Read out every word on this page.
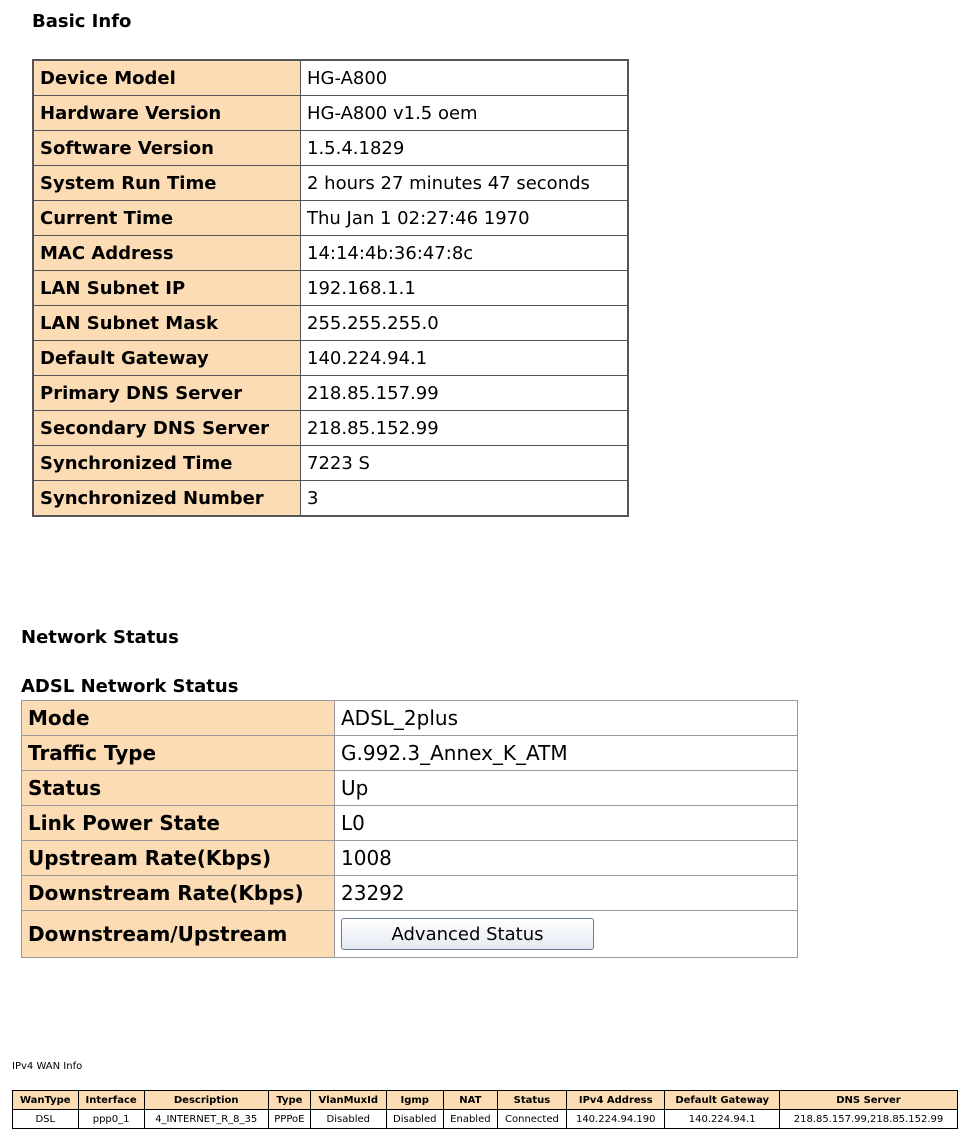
Basic Info
Device Model	HG-A800
Hardware Version	HG-A800 v1.5 oem
Software Version	1.5.4.1829
System Run Time	2 hours 27 minutes 47 seconds
Current Time	Thu Jan 1 02:27:46 1970
MAC Address	14:14:4b:36:47:8c
LAN Subnet IP	192.168.1.1
LAN Subnet Mask	255.255.255.0
Default Gateway	140.224.94.1
Primary DNS Server	218.85.157.99
Secondary DNS Server	218.85.152.99
Synchronized Time	7223 S
Synchronized Number	3
Network Status
ADSL Network Status
Mode	ADSL_2plus
Traffic Type	G.992.3_Annex_K_ATM
Status	Up
Link Power State	L0
Upstream Rate(Kbps)	1008
Downstream Rate(Kbps)	23292
Downstream/Upstream	Advanced Status
IPv4 WAN Info
WanType	Interface	Description	Type	VlanMuxId	Igmp	NAT	Status	IPv4 Address	Default Gateway	DNS Server
DSL	ppp0_1	4_INTERNET_R_8_35	PPPoE	Disabled	Disabled	Enabled	Connected	140.224.94.190	140.224.94.1	218.85.157.99,218.85.152.99
